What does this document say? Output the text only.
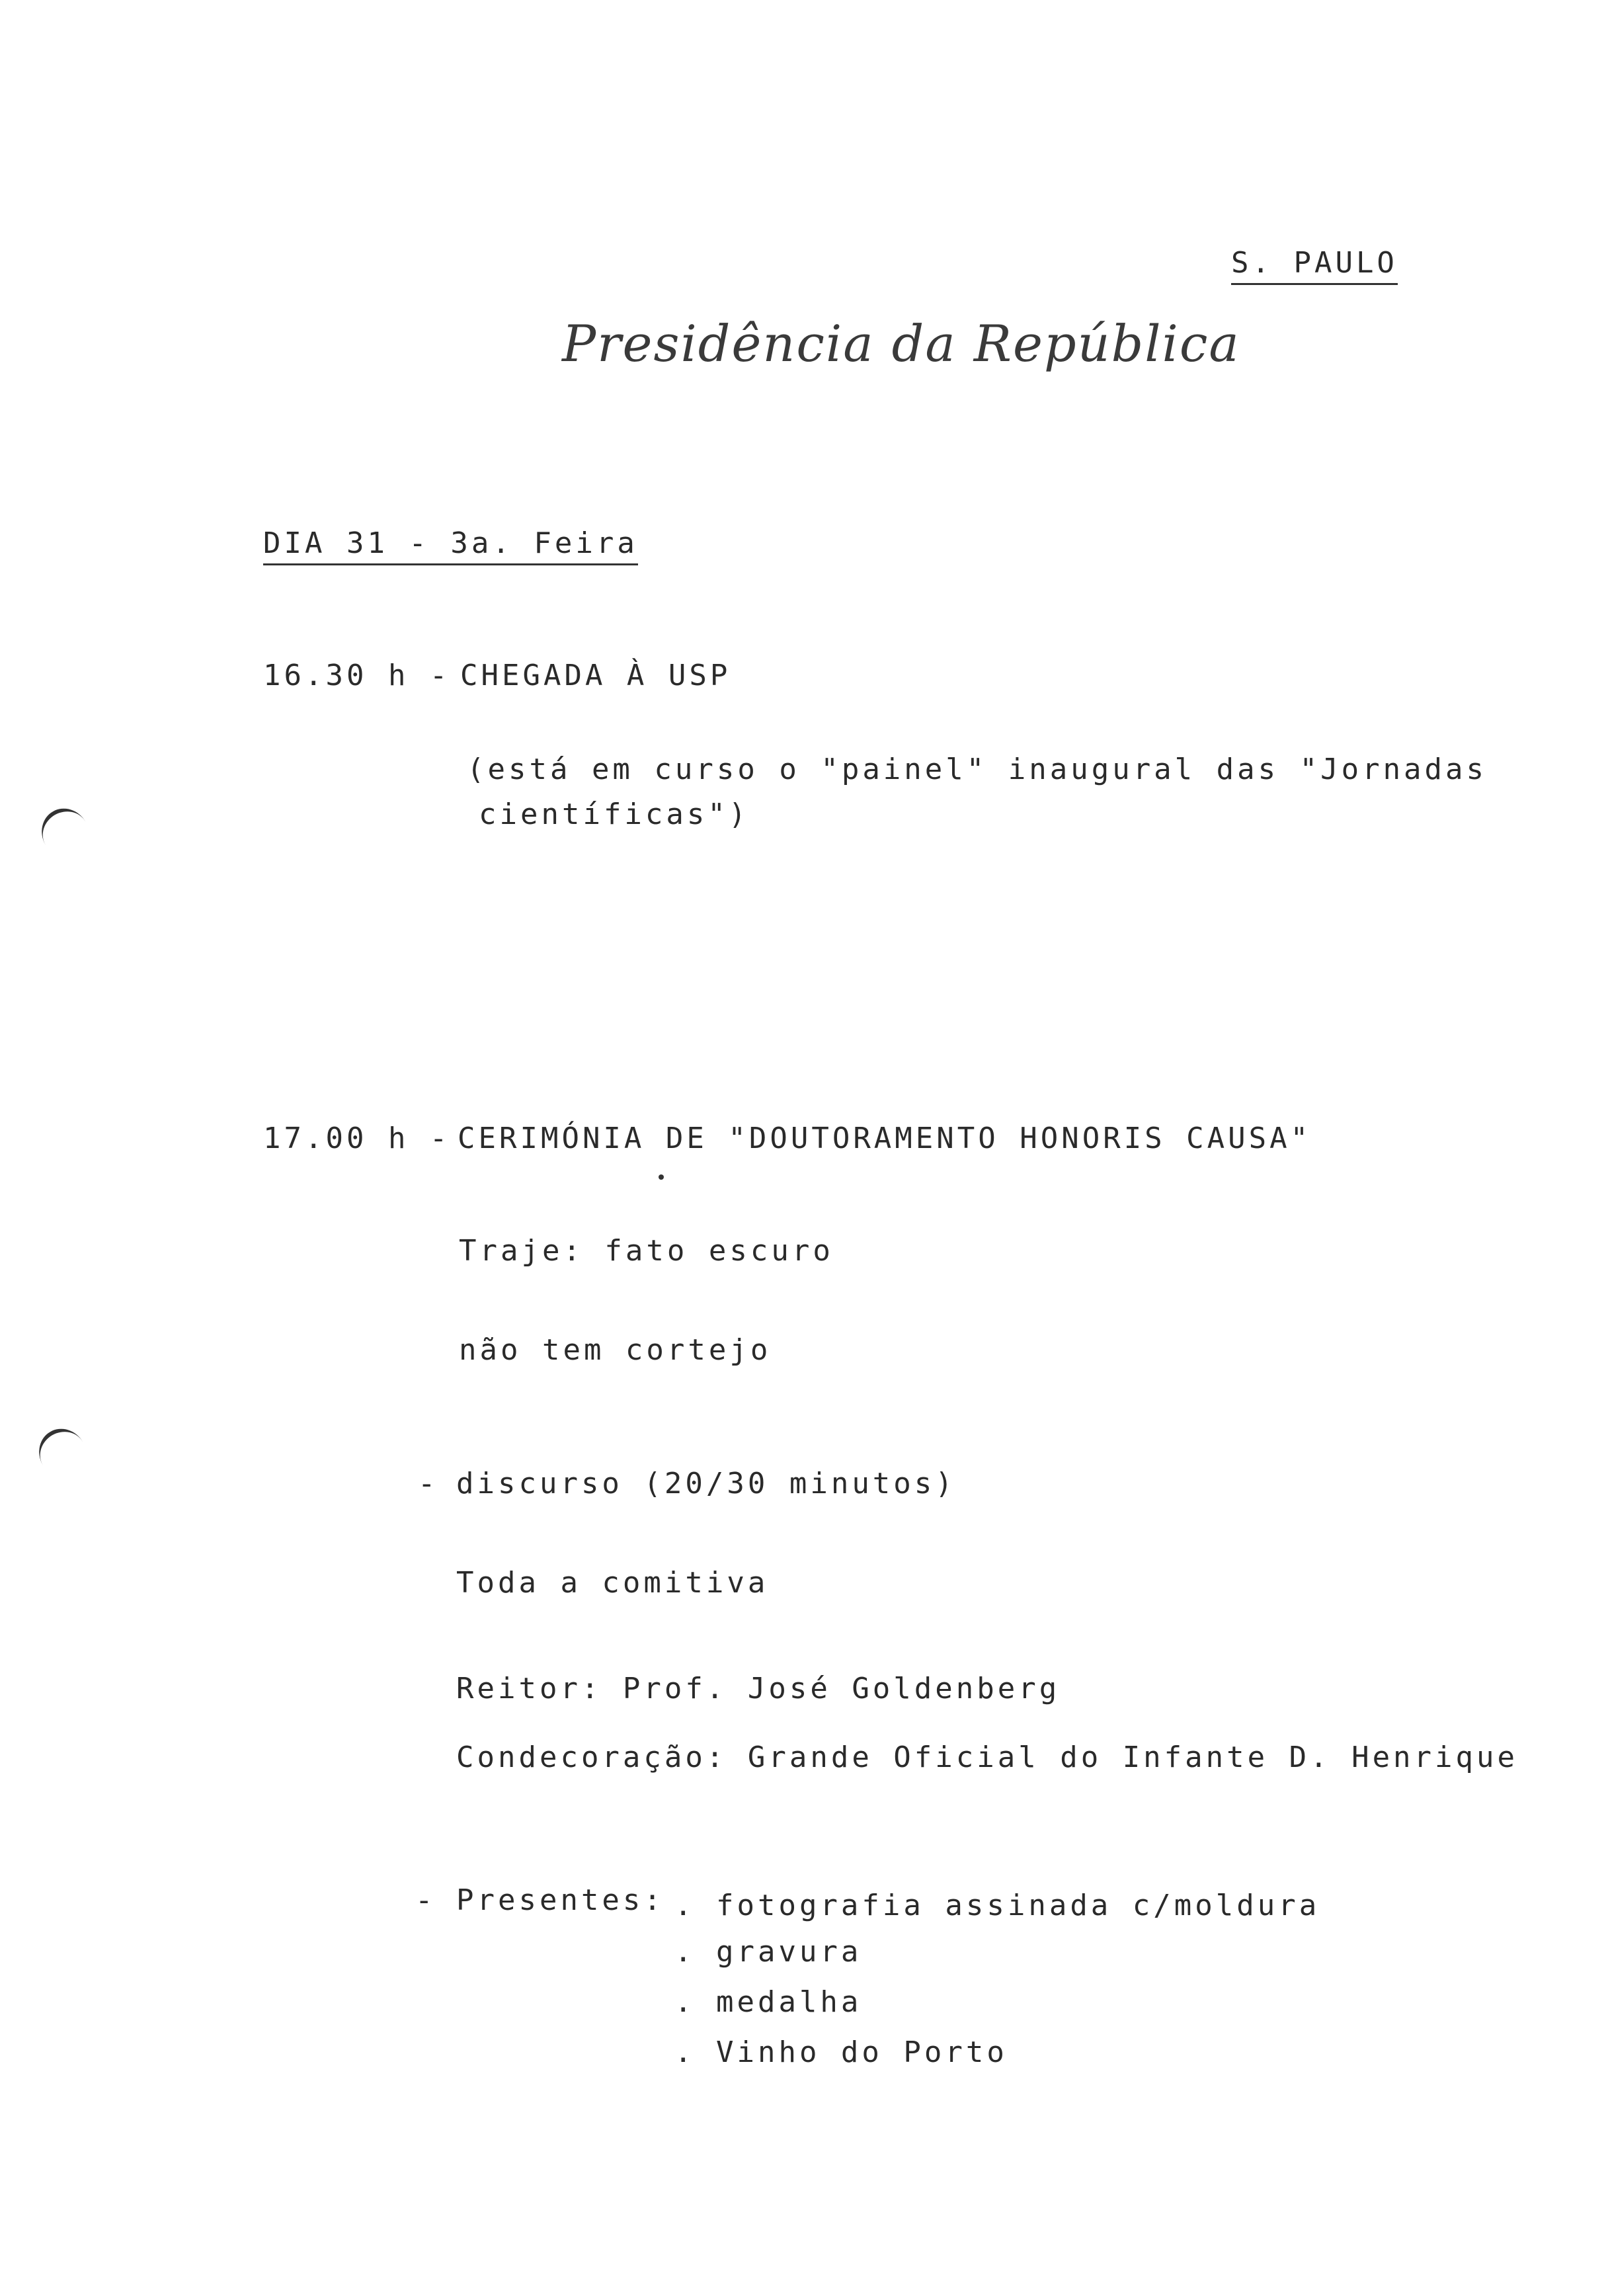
S. PAULO
Presidência da República
DIA 31 - 3a. Feira
16.30 h - CHEGADA À USP
(está em curso o "painel" inaugural das "Jornadas
científicas")
17.00 h - CERIMÓNIA DE "DOUTORAMENTO HONORIS CAUSA"
Traje: fato escuro
não tem cortejo
- discurso (20/30 minutos)
Toda a comitiva
Reitor: Prof. José Goldenberg
Condecoração: Grande Oficial do Infante D. Henrique
- Presentes: . fotografia assinada c/moldura
. gravura
. medalha
. Vinho do Porto
